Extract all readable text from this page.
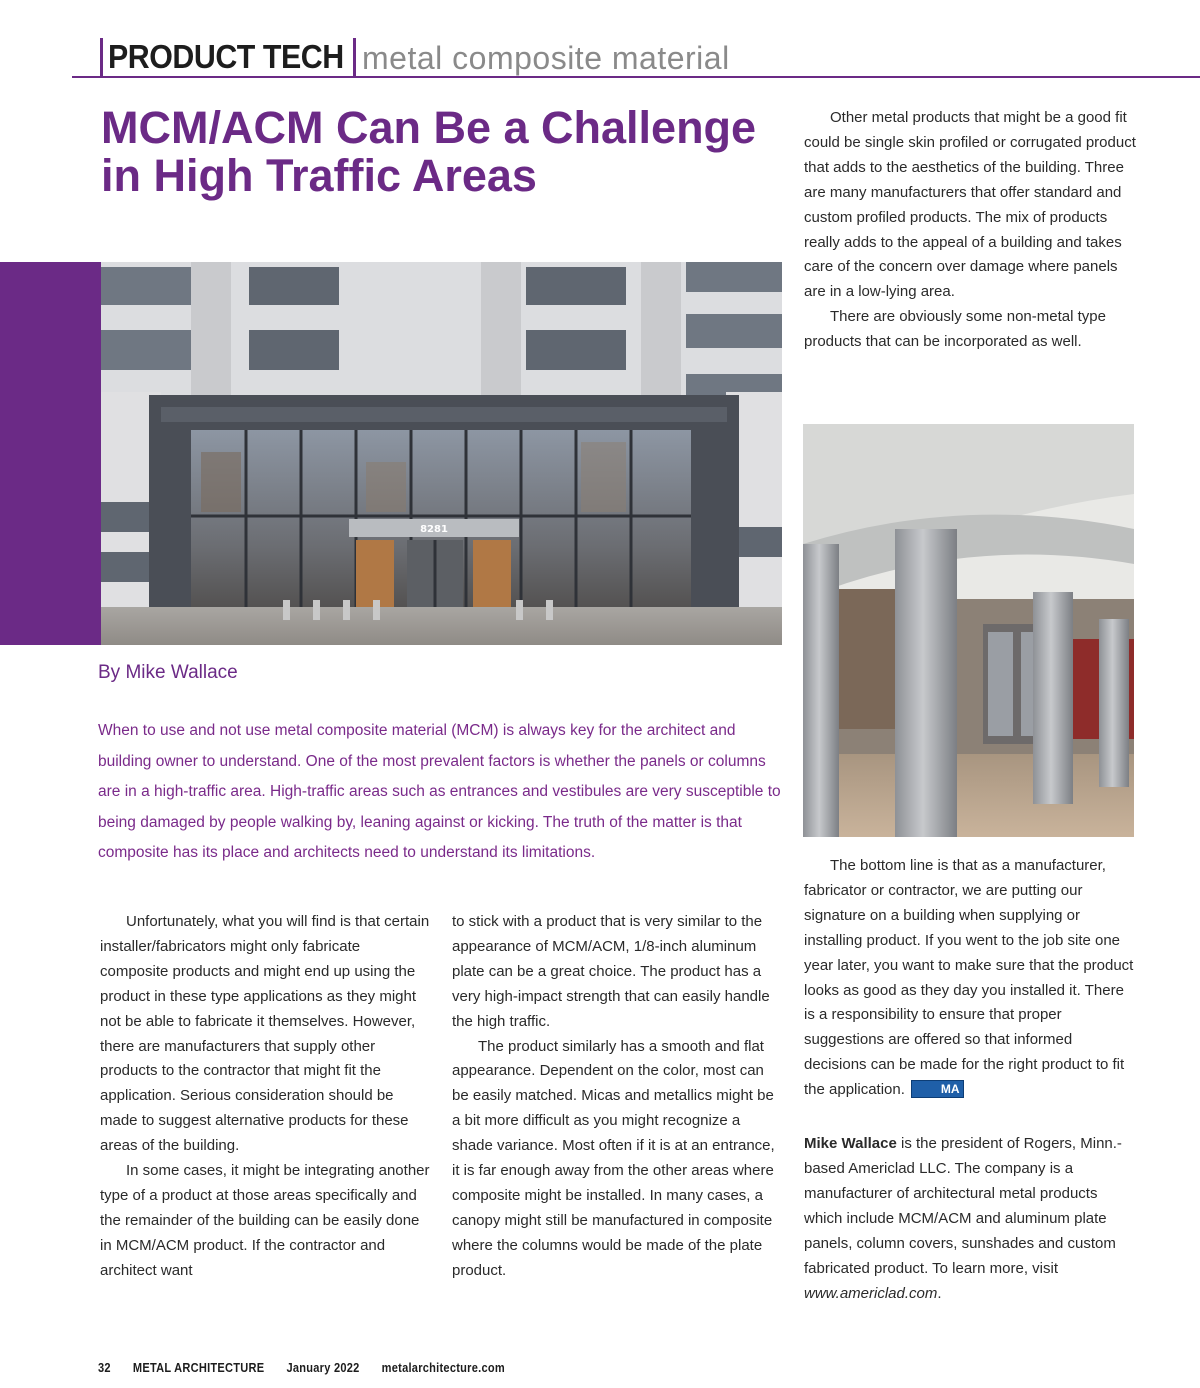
PRODUCT TECH metal composite material
MCM/ACM Can Be a Challenge in High Traffic Areas
8281
By Mike Wallace

When to use and not use metal composite material (MCM) is always key for the architect and building owner to understand. One of the most prevalent factors is whether the panels or columns are in a high-traffic area. High-traffic areas such as entrances and vestibules are very susceptible to being damaged by people walking by, leaning against or kicking. The truth of the matter is that composite has its place and architects need to understand its limitations.

Unfortunately, what you will find is that certain installer/fabricators might only fabricate composite products and might end up using the product in these type applications as they might not be able to fabricate it themselves. However, there are manufacturers that supply other products to the contractor that might fit the application. Serious consideration should be made to suggest alternative products for these areas of the building.

In some cases, it might be integrating another type of a product at those areas specifically and the remainder of the building can be easily done in MCM/ACM product. If the contractor and architect want

to stick with a product that is very similar to the appearance of MCM/ACM, 1/8-inch aluminum plate can be a great choice. The product has a very high-impact strength that can easily handle the high traffic.

The product similarly has a smooth and flat appearance. Dependent on the color, most can be easily matched. Micas and metallics might be a bit more difficult as you might recognize a shade variance. Most often if it is at an entrance, it is far enough away from the other areas where composite might be installed. In many cases, a canopy might still be manufactured in composite where the columns would be made of the plate product.

Other metal products that might be a good fit could be single skin profiled or corrugated product that adds to the aesthetics of the building. Three are many manufacturers that offer standard and custom profiled products. The mix of products really adds to the appeal of a building and takes care of the concern over damage where panels are in a low-lying area.

There are obviously some non-metal type products that can be incorporated as well.

The bottom line is that as a manufacturer, fabricator or contractor, we are putting our signature on a building when supplying or installing product. If you went to the job site one year later, you want to make sure that the product looks as good as they day you installed it. There is a responsibility to ensure that proper suggestions are offered so that informed decisions can be made for the right product to fit the application.	MA

Mike Wallace is the president of Rogers, Minn.-based Americlad LLC. The company is a manufacturer of architectural metal products which include MCM/ACM and aluminum plate panels, column covers, sunshades and custom fabricated product. To learn more, visit www.americlad.com.

32 METAL ARCHITECTURE January 2022 metalarchitecture.com
